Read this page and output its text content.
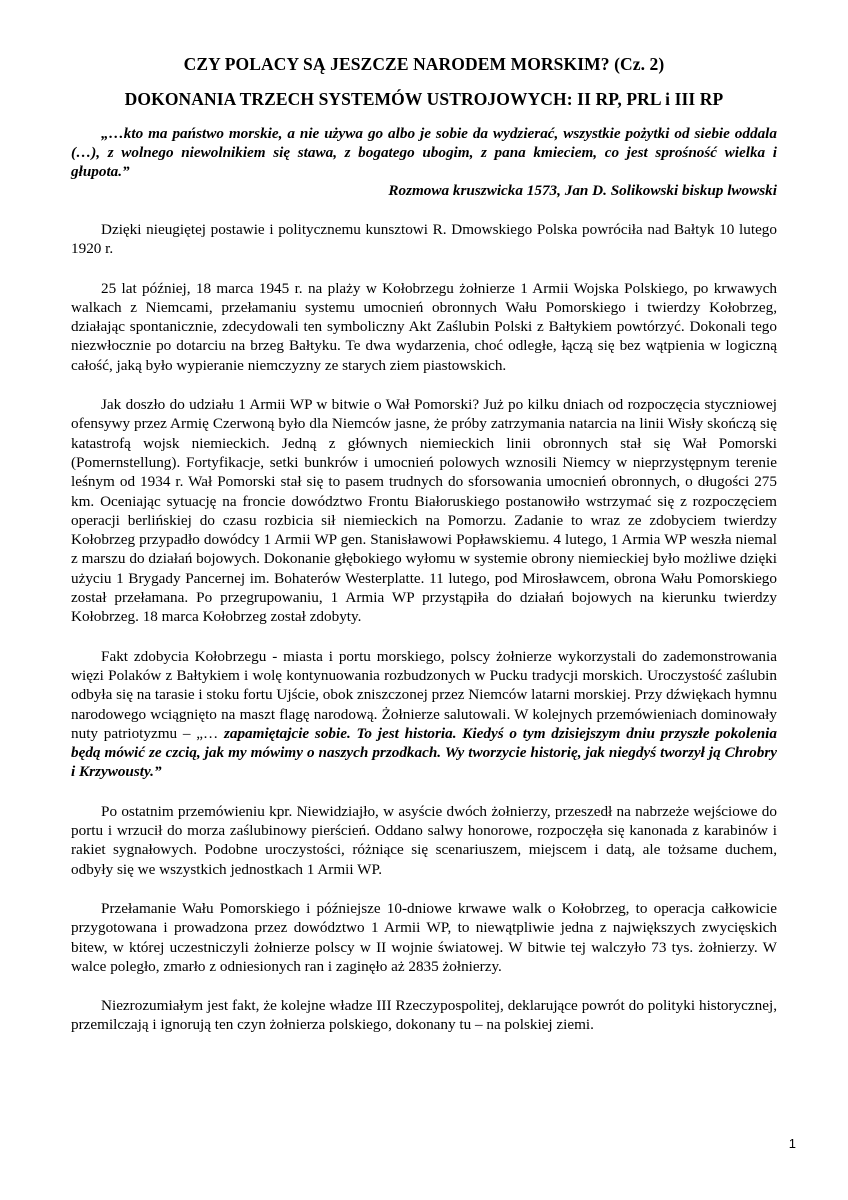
CZY POLACY SĄ JESZCZE NARODEM MORSKIM? (Cz. 2)
DOKONANIA TRZECH SYSTEMÓW USTROJOWYCH: II RP, PRL i III RP

„…kto ma państwo morskie, a nie używa go albo je sobie da wydzierać, wszystkie pożytki od siebie oddala (…), z wolnego niewolnikiem się stawa, z bogatego ubogim, z pana kmieciem, co jest sprośność wielka i głupota.”

Rozmowa kruszwicka 1573, Jan D. Solikowski biskup lwowski

Dzięki nieugiętej postawie i politycznemu kunsztowi R. Dmowskiego Polska powróciła nad Bałtyk 10 lutego 1920 r.

25 lat później, 18 marca 1945 r. na plaży w Kołobrzegu żołnierze 1 Armii Wojska Polskiego, po krwawych walkach z Niemcami, przełamaniu systemu umocnień obronnych Wału Pomorskiego i twierdzy Kołobrzeg, działając spontanicznie, zdecydowali ten symboliczny Akt Zaślubin Polski z Bałtykiem powtórzyć. Dokonali tego niezwłocznie po dotarciu na brzeg Bałtyku. Te dwa wydarzenia, choć odległe, łączą się bez wątpienia w logiczną całość, jaką było wypieranie niemczyzny ze starych ziem piastowskich.

Jak doszło do udziału 1 Armii WP w bitwie o Wał Pomorski? Już po kilku dniach od rozpoczęcia styczniowej ofensywy przez Armię Czerwoną było dla Niemców jasne, że próby zatrzymania natarcia na linii Wisły skończą się katastrofą wojsk niemieckich. Jedną z głównych niemieckich linii obronnych stał się Wał Pomorski (Pomernstellung). Fortyfikacje, setki bunkrów i umocnień polowych wznosili Niemcy w nieprzystępnym terenie leśnym od 1934 r. Wał Pomorski stał się to pasem trudnych do sforsowania umocnień obronnych, o długości 275 km. Oceniając sytuację na froncie dowództwo Frontu Białoruskiego postanowiło wstrzymać się z rozpoczęciem operacji berlińskiej do czasu rozbicia sił niemieckich na Pomorzu. Zadanie to wraz ze zdobyciem twierdzy Kołobrzeg przypadło dowódcy 1 Armii WP gen. Stanisławowi Popławskiemu. 4 lutego, 1 Armia WP weszła niemal z marszu do działań bojowych. Dokonanie głębokiego wyłomu w systemie obrony niemieckiej było możliwe dzięki użyciu 1 Brygady Pancernej im. Bohaterów Westerplatte. 11 lutego, pod Mirosławcem, obrona Wału Pomorskiego został przełamana. Po przegrupowaniu, 1 Armia WP przystąpiła do działań bojowych na kierunku twierdzy Kołobrzeg. 18 marca Kołobrzeg został zdobyty.

Fakt zdobycia Kołobrzegu - miasta i portu morskiego, polscy żołnierze wykorzystali do zademonstrowania więzi Polaków z Bałtykiem i wolę kontynuowania rozbudzonych w Pucku tradycji morskich. Uroczystość zaślubin odbyła się na tarasie i stoku fortu Ujście, obok zniszczonej przez Niemców latarni morskiej. Przy dźwiękach hymnu narodowego wciągnięto na maszt flagę narodową. Żołnierze salutowali. W kolejnych przemówieniach dominowały nuty patriotyzmu – „… zapamiętajcie sobie. To jest historia. Kiedyś o tym dzisiejszym dniu przyszłe pokolenia będą mówić ze czcią, jak my mówimy o naszych przodkach. Wy tworzycie historię, jak niegdyś tworzył ją Chrobry i Krzywousty.”

Po ostatnim przemówieniu kpr. Niewidziajło, w asyście dwóch żołnierzy, przeszedł na nabrzeże wejściowe do portu i wrzucił do morza zaślubinowy pierścień. Oddano salwy honorowe, rozpoczęła się kanonada z karabinów i rakiet sygnałowych. Podobne uroczystości, różniące się scenariuszem, miejscem i datą, ale tożsame duchem, odbyły się we wszystkich jednostkach 1 Armii WP.

Przełamanie Wału Pomorskiego i późniejsze 10-dniowe krwawe walk o Kołobrzeg, to operacja całkowicie przygotowana i prowadzona przez dowództwo 1 Armii WP, to niewątpliwie jedna z największych zwycięskich bitew, w której uczestniczyli żołnierze polscy w II wojnie światowej. W bitwie tej walczyło 73 tys. żołnierzy. W walce poległo, zmarło z odniesionych ran i zaginęło aż 2835 żołnierzy.

Niezrozumiałym jest fakt, że kolejne władze III Rzeczypospolitej, deklarujące powrót do polityki historycznej, przemilczają i ignorują ten czyn żołnierza polskiego, dokonany tu – na polskiej ziemi.

1
